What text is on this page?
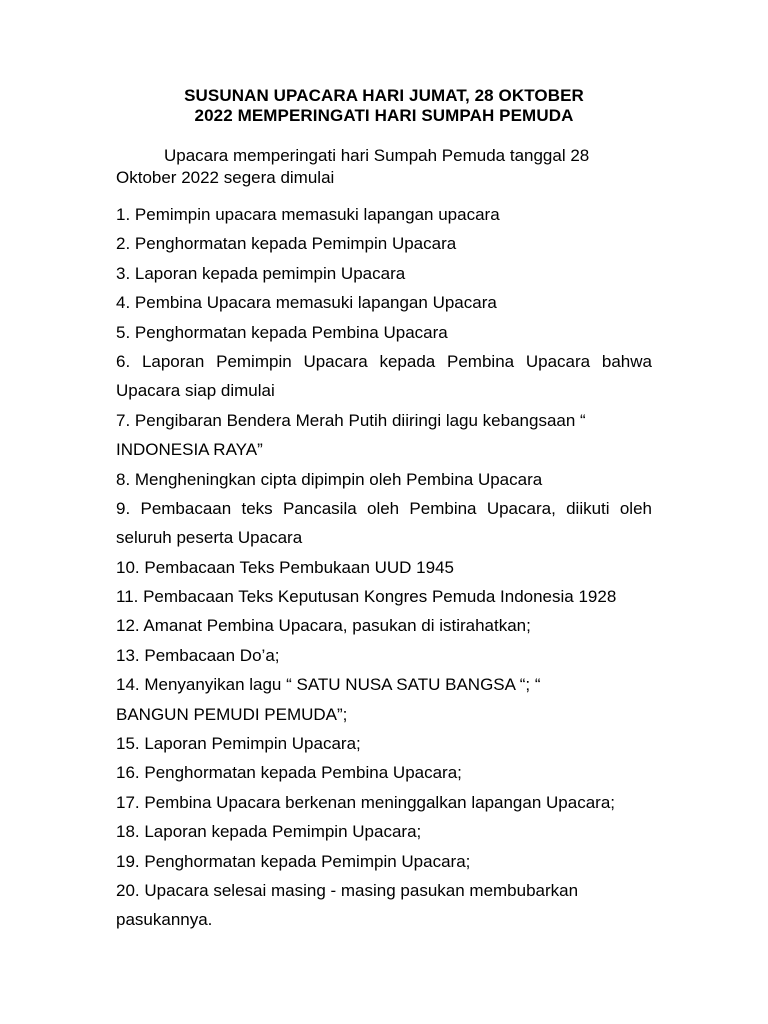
SUSUNAN UPACARA HARI JUMAT, 28 OKTOBER
2022 MEMPERINGATI HARI SUMPAH PEMUDA
Upacara memperingati hari Sumpah Pemuda tanggal 28
Oktober 2022 segera dimulai
1. Pemimpin upacara memasuki lapangan upacara
2. Penghormatan kepada Pemimpin Upacara
3. Laporan kepada pemimpin Upacara
4. Pembina Upacara memasuki lapangan Upacara
5. Penghormatan kepada Pembina Upacara
6. Laporan Pemimpin Upacara kepada Pembina Upacara bahwa
Upacara siap dimulai
7. Pengibaran Bendera Merah Putih diiringi lagu kebangsaan “
INDONESIA RAYA”
8. Mengheningkan cipta dipimpin oleh Pembina Upacara
9. Pembacaan teks Pancasila oleh Pembina Upacara, diikuti oleh
seluruh peserta Upacara
10. Pembacaan Teks Pembukaan UUD 1945
11. Pembacaan Teks Keputusan Kongres Pemuda Indonesia 1928
12. Amanat Pembina Upacara, pasukan di istirahatkan;
13. Pembacaan Do’a;
14. Menyanyikan lagu “ SATU NUSA SATU BANGSA “; “
BANGUN PEMUDI PEMUDA”;
15. Laporan Pemimpin Upacara;
16. Penghormatan kepada Pembina Upacara;
17. Pembina Upacara berkenan meninggalkan lapangan Upacara;
18. Laporan kepada Pemimpin Upacara;
19. Penghormatan kepada Pemimpin Upacara;
20. Upacara selesai masing - masing pasukan membubarkan
pasukannya.
